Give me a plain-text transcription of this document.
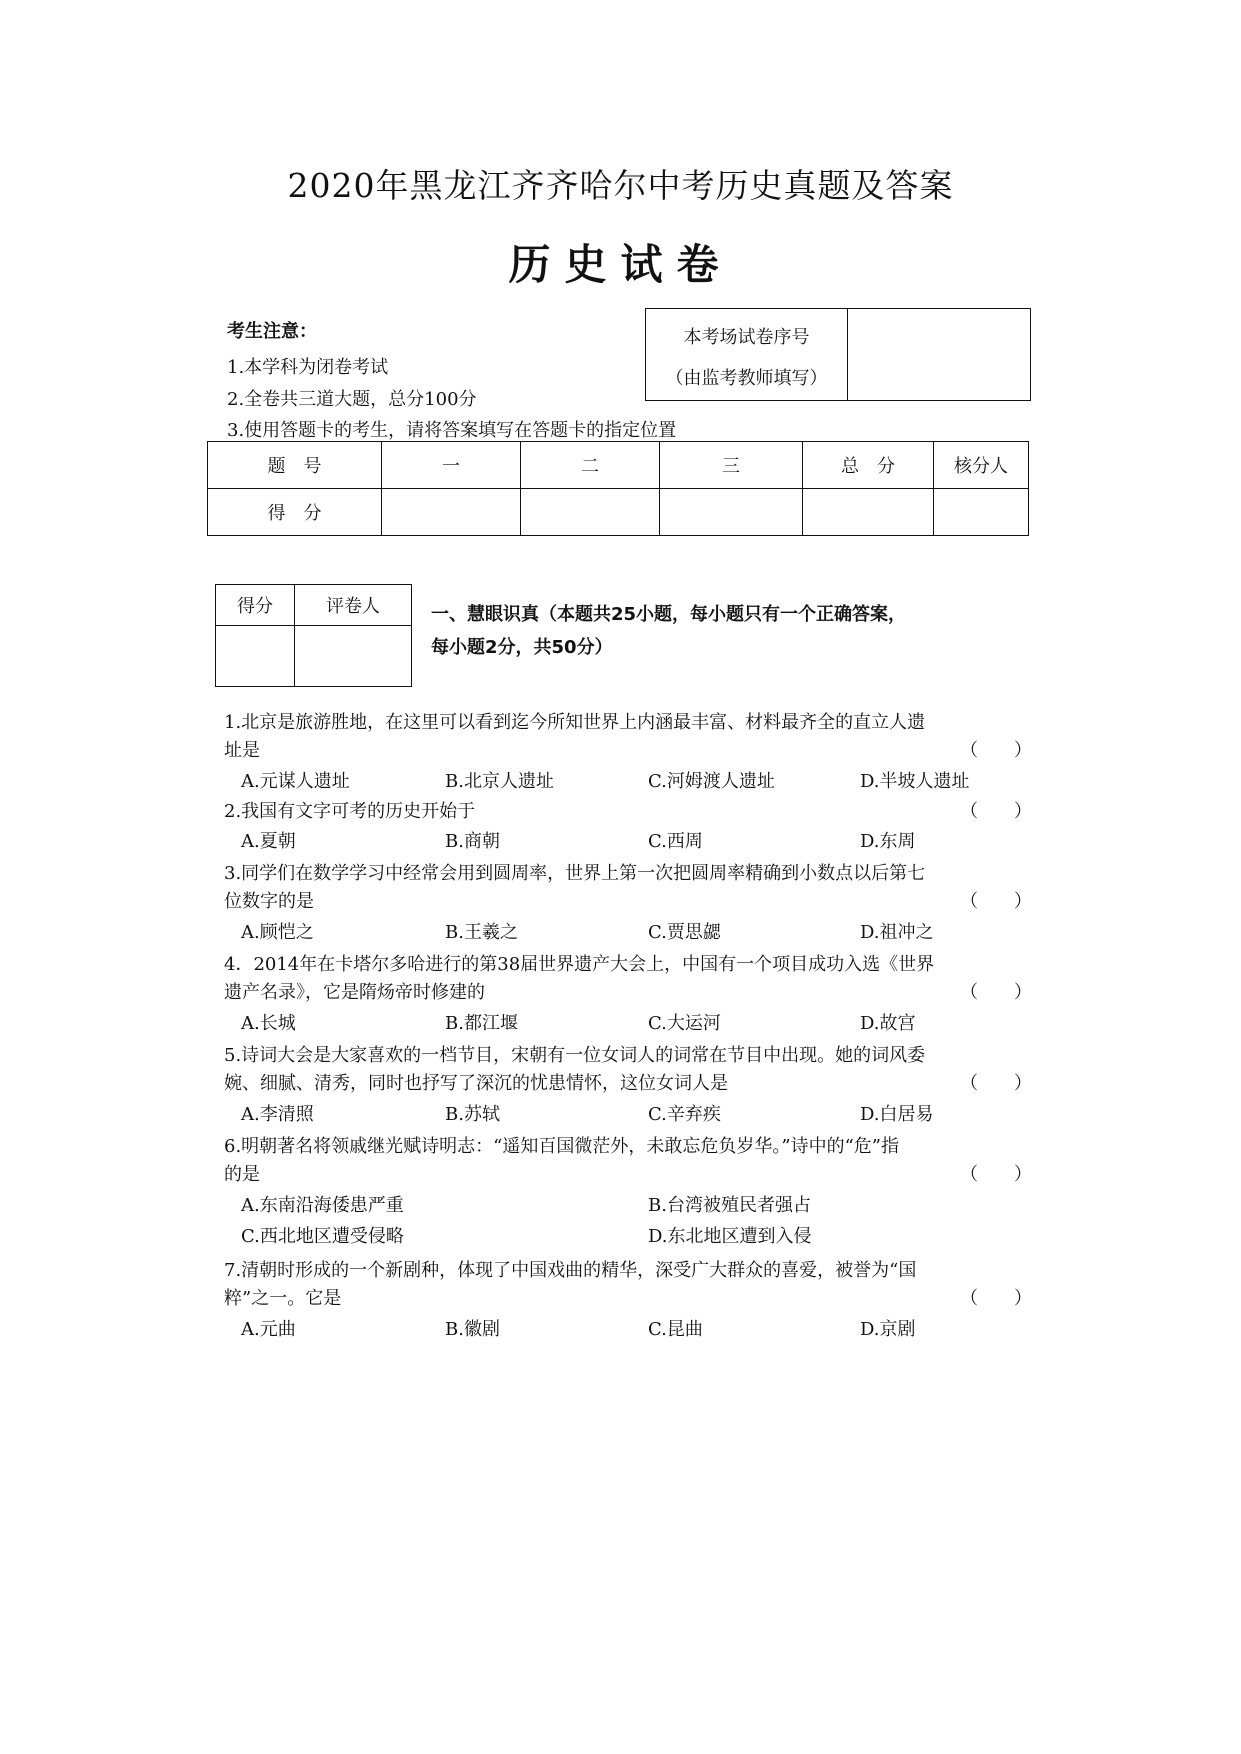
2020年黑龙江齐齐哈尔中考历史真题及答案
历史试卷
考生注意：
1.本学科为闭卷考试
2.全卷共三道大题，总分100分
3.使用答题卡的考生，请将答案填写在答题卡的指定位置
本考场试卷序号
（由监考教师填写）
题　号	一	二	三	总　分	核分人
得　分					
得分	评卷人
		一、慧眼识真（本题共25小题，每小题只有一个正确答案，
每小题2分，共50分）
1.北京是旅游胜地，在这里可以看到迄今所知世界上内涵最丰富、材料最齐全的直立人遗
址是	（　　）
A.元谋人遗址	B.北京人遗址	C.河姆渡人遗址	D.半坡人遗址
2.我国有文字可考的历史开始于	（　　）
A.夏朝	B.商朝	C.西周	D.东周
3.同学们在数学学习中经常会用到圆周率，世界上第一次把圆周率精确到小数点以后第七
位数字的是	（　　）
A.顾恺之	B.王羲之	C.贾思勰	D.祖冲之
4．2014年在卡塔尔多哈进行的第38届世界遗产大会上，中国有一个项目成功入选《世界
遗产名录》，它是隋炀帝时修建的	（　　）
A.长城	B.都江堰	C.大运河	D.故宫
5.诗词大会是大家喜欢的一档节目，宋朝有一位女词人的词常在节目中出现。她的词风委
婉、细腻、清秀，同时也抒写了深沉的忧患情怀，这位女词人是	（　　）
A.李清照	B.苏轼	C.辛弃疾	D.白居易
6.明朝著名将领戚继光赋诗明志：“遥知百国微茫外，未敢忘危负岁华。”诗中的“危”指
的是	（　　）
A.东南沿海倭患严重	B.台湾被殖民者强占
C.西北地区遭受侵略	D.东北地区遭到入侵
7.清朝时形成的一个新剧种，体现了中国戏曲的精华，深受广大群众的喜爱，被誉为“国
粹”之一。它是	（　　）
A.元曲	B.徽剧	C.昆曲	D.京剧
